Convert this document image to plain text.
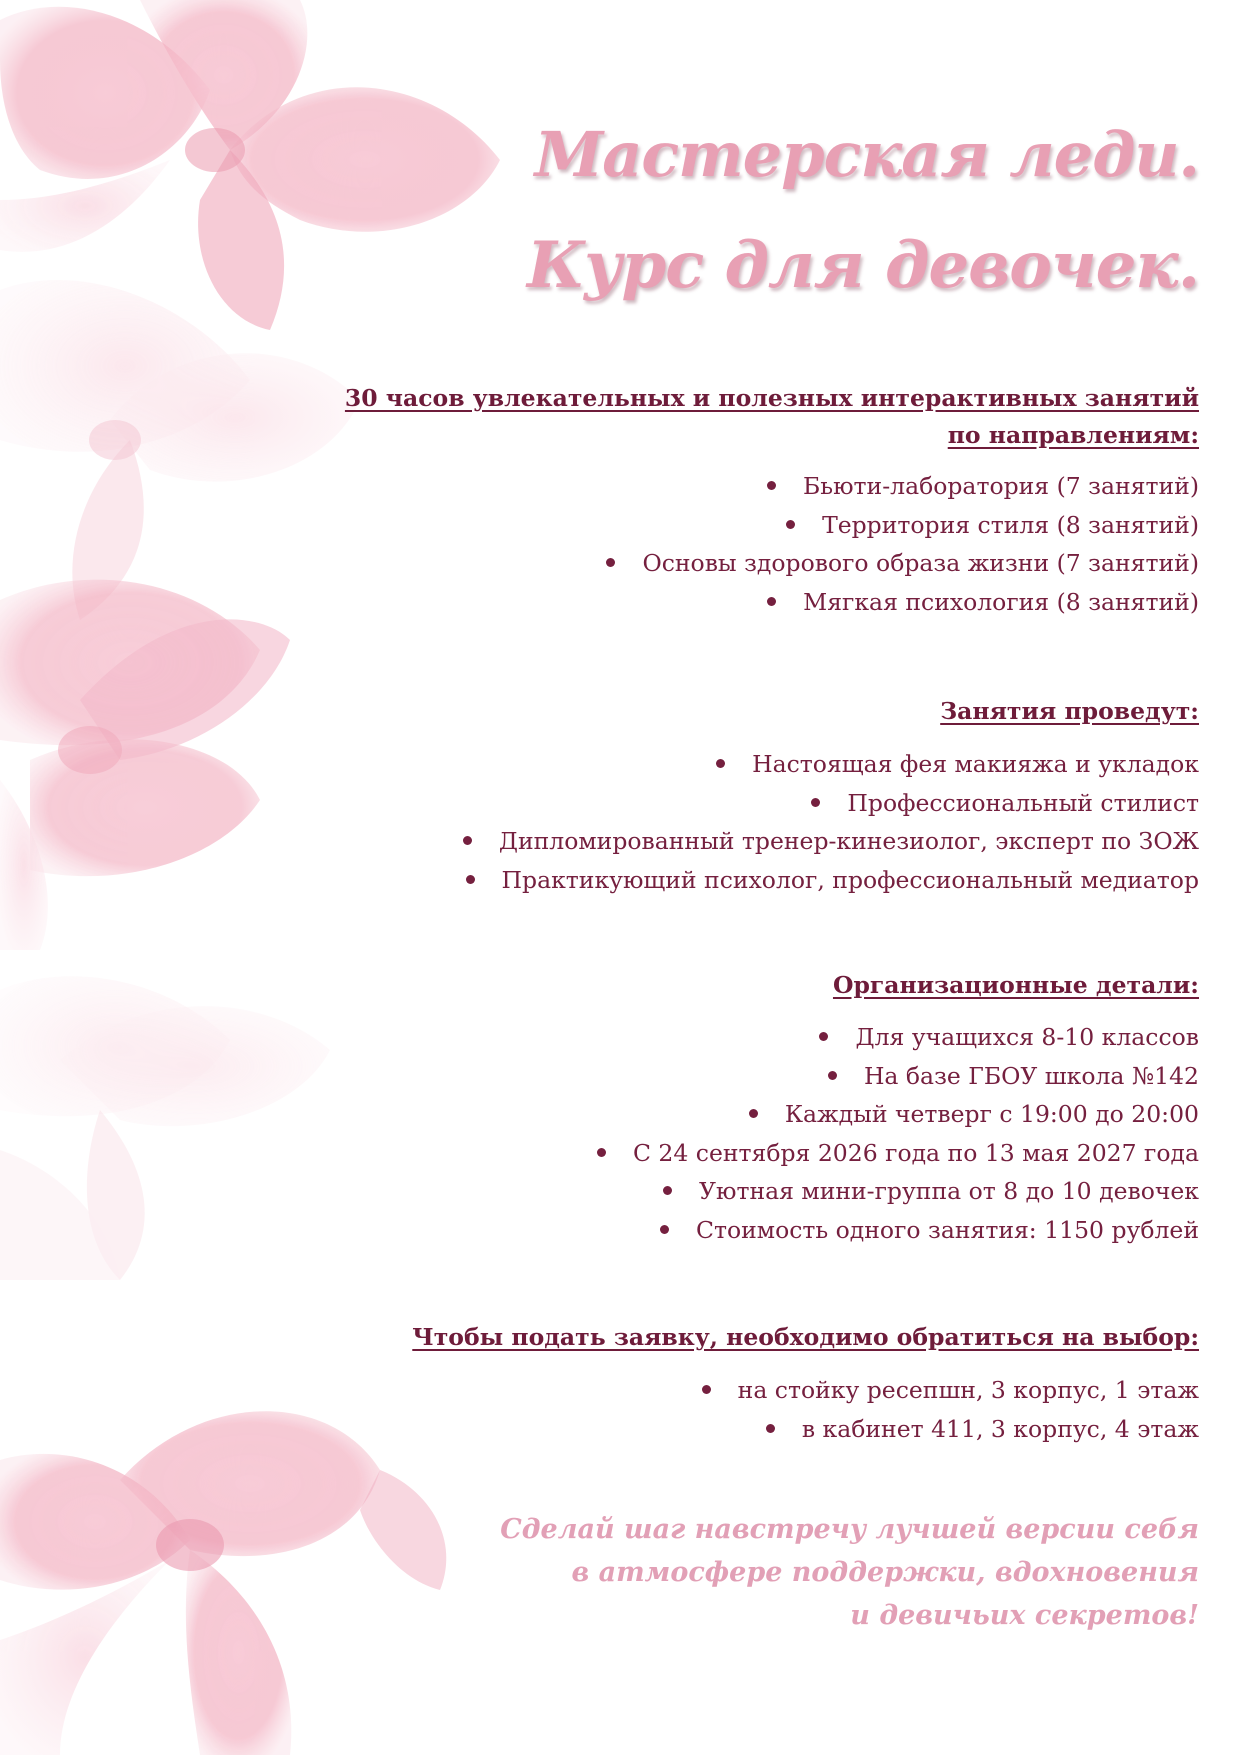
Мастерская леди.
Курс для девочек.
30 часов увлекательных и полезных интерактивных занятий
по направлениям:
Бьюти-лаборатория (7 занятий)
Территория стиля (8 занятий)
Основы здорового образа жизни (7 занятий)
Мягкая психология (8 занятий)
Занятия проведут:
Настоящая фея макияжа и укладок
Профессиональный стилист
Дипломированный тренер-кинезиолог, эксперт по ЗОЖ
Практикующий психолог, профессиональный медиатор
Организационные детали:
Для учащихся 8-10 классов
На базе ГБОУ школа №142
Каждый четверг с 19:00 до 20:00
С 24 сентября 2026 года по 13 мая 2027 года
Уютная мини-группа от 8 до 10 девочек
Стоимость одного занятия: 1150 рублей
Чтобы подать заявку, необходимо обратиться на выбор:
на стойку ресепшн, 3 корпус, 1 этаж
в кабинет 411, 3 корпус, 4 этаж
Сделай шаг навстречу лучшей версии себя
в атмосфере поддержки, вдохновения
и девичьих секретов!
